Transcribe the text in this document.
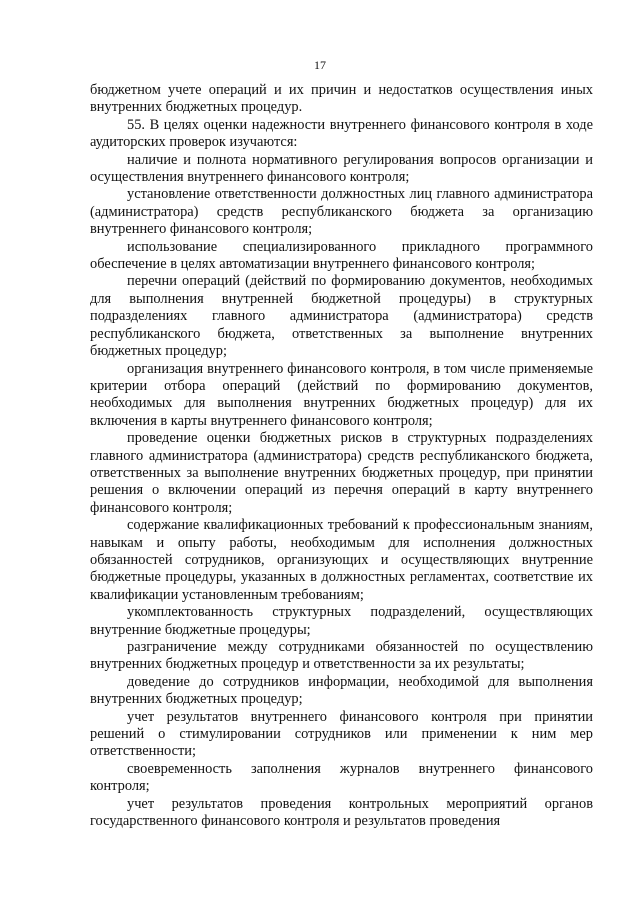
17

бюджетном учете операций и их причин и недостатков осуществления иных внутренних бюджетных процедур.

55. В целях оценки надежности внутреннего финансового контроля в ходе аудиторских проверок изучаются:

наличие и полнота нормативного регулирования вопросов организации и осуществления внутреннего финансового контроля;

установление ответственности должностных лиц главного администратора (администратора) средств республиканского бюджета за организацию внутреннего финансового контроля;

использование специализированного прикладного программного обеспечение в целях автоматизации внутреннего финансового контроля;

перечни операций (действий по формированию документов, необходимых для выполнения внутренней бюджетной процедуры) в структурных подразделениях главного администратора (администратора) средств республиканского бюджета, ответственных за выполнение внутренних бюджетных процедур;

организация внутреннего финансового контроля, в том числе применяемые критерии отбора операций (действий по формированию документов, необходимых для выполнения внутренних бюджетных процедур) для их включения в карты внутреннего финансового контроля;

проведение оценки бюджетных рисков в структурных подразделениях главного администратора (администратора) средств республиканского бюджета, ответственных за выполнение внутренних бюджетных процедур, при принятии решения о включении операций из перечня операций в карту внутреннего финансового контроля;

содержание квалификационных требований к профессиональным знаниям, навыкам и опыту работы, необходимым для исполнения должностных обязанностей сотрудников, организующих и осуществляющих внутренние бюджетные процедуры, указанных в должностных регламентах, соответствие их квалификации установленным требованиям;

укомплектованность структурных подразделений, осуществляющих внутренние бюджетные процедуры;

разграничение между сотрудниками обязанностей по осуществлению внутренних бюджетных процедур и ответственности за их результаты;

доведение до сотрудников информации, необходимой для выполнения внутренних бюджетных процедур;

учет результатов внутреннего финансового контроля при принятии решений о стимулировании сотрудников или применении к ним мер ответственности;

своевременность заполнения журналов внутреннего финансового контроля;

учет результатов проведения контрольных мероприятий органов государственного финансового контроля и результатов проведения
